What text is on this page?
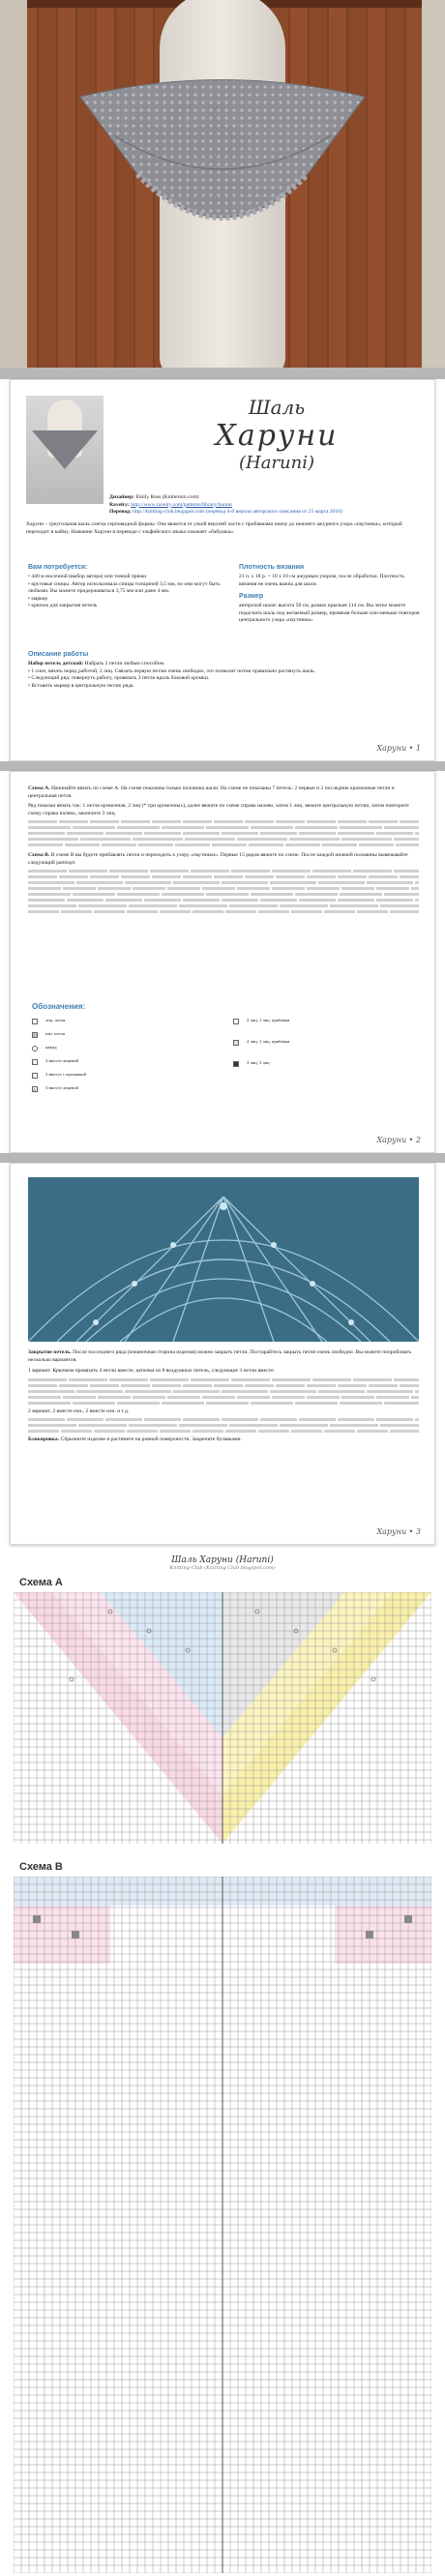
Шаль
Харуни
(Haruni)
Дизайнер: Emily Ross (Knitternin.com)
Ravelry: http://www.ravelry.com/patterns/library/haruni
Перевод: http://knitting-club.blogspot.com (перевод 4-й версии авторского описания от 25 марта 2010)
Харуни – треугольная шаль слегка серповидной формы. Она вяжется от узкой верхней части с прибавками книзу до нижнего ажурного узора «паутинка», который переходит в кайму. Название Харуни в переводе с эльфийского языка означает «бабушка».
Вам потребуется:
• 440 м носочной (выбор автора) или тонкой пряжи
• круговые спицы. Автор использовала спицы толщиной 3,5 мм, но они могут быть любыми. Вы можете придерживаться 3,75 мм или даже 4 мм.
• маркер
• крючок для закрытия петель
Плотность вязания
21 п. x 18 р. = 10 x 10 см ажурным узором, после обработки. Плотность вязания не очень важна для шали.
Размер
авторской шали: высота 58 см, размах крыльев 114 см. Вы легко можете подогнать шаль под желаемый размер, провязав больше или меньше повторов центрального узора «паутинки».
Описание работы
Набор петель детской: Набрать 2 петли любым способом.
• 1 сниз, вязать перед работой, 2 лиц. Связать первую петлю очень свободно, это позволит потом правильно растянуть шаль.
• Следующий ряд: повернуть работу, провязать 3 петли вдоль боковой кромки.
• Вставить маркер в центральную петлю ряда.
Харуни • 1
Схема А. Начинайте вязать по схеме А. На схеме показаны только половина шали. На схеме не показаны 7 петель: 2 первые и 2 последние кромочные петли и центральная петля.
Ряд показан вязать так: 1 петля кромочная, 2 лиц (* три кромочных), далее вяжите по схеме справа налево, затем 1 лиц. вяжите центральную петлю, затем повторите схему справа налево, закончите 3 лиц.
Схема В. В схеме В вы будете прибавлять петли и переходить к узору «паутинки». Первые 15 рядов вяжите по схеме. После каждой нижней половины вывязывайте следующий раппорт.
Обозначения:
лиц. петля
изн. петля
накид
/	2 вместе лицевой
\	2 вместе с протяжкой
Λ	3 вместе лицевой
2 лиц, 1 лиц. прибавки
2 лиц, 1 лиц. прибавки
3 лиц, 3 лиц
Харуни • 2
Закрытие петель. После последнего ряда (изнаночная сторона изделия) можно закрыть петли. Постарайтесь закрыть петли очень свободно. Вы можете попробовать несколько вариантов.
1 вариант. Крючком провязать 4 петли вместе, цепочка из 8 воздушных петель, следующие 3 петли вместе.
2 вариант. 2 вместе изн., 2 вместе изн. и т.д.
Блокировка. Сбрызните изделие и растяните на ровной поверхности. Закрепите булавками.
Харуни • 3
Шаль Харуни (Haruni)
Knitting-Club (Knitting Club blogspot.com)
Схема А
Схема В
